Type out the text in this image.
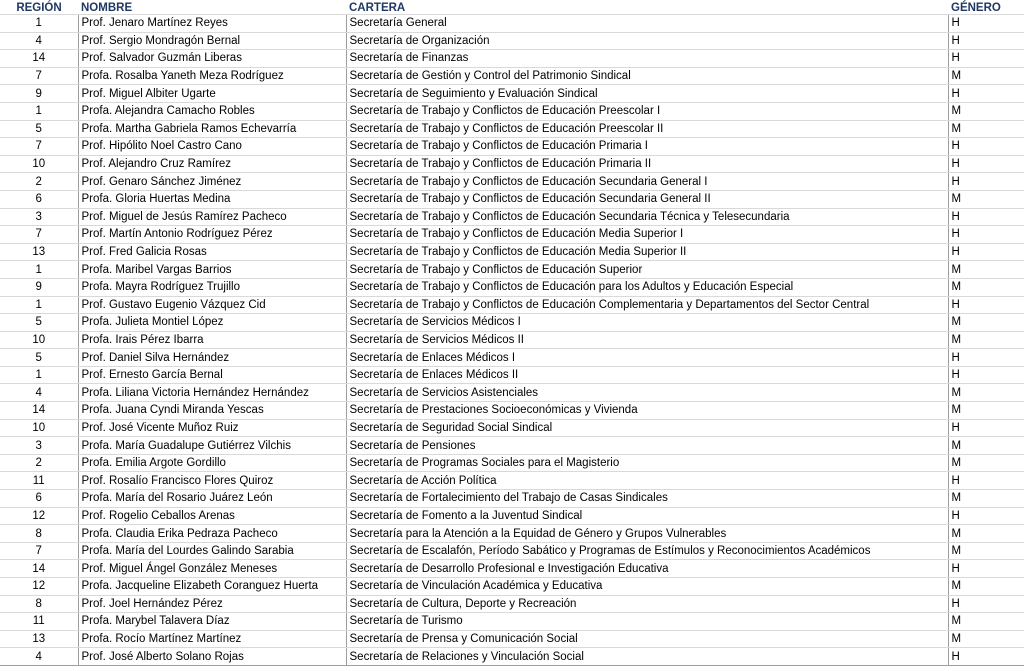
REGIÓN	NOMBRE	CARTERA	GÉNERO
1	Prof. Jenaro Martínez Reyes	Secretaría General	H
4	Prof. Sergio Mondragón Bernal	Secretaría de Organización	H
14	Prof. Salvador Guzmán Liberas	Secretaría de Finanzas	H
7	Profa. Rosalba Yaneth Meza Rodríguez	Secretaría de Gestión y Control del Patrimonio Sindical	M
9	Prof. Miguel Albiter Ugarte	Secretaría de Seguimiento y Evaluación Sindical	H
1	Profa. Alejandra Camacho Robles	Secretaría de Trabajo y Conflictos de Educación Preescolar I	M
5	Profa. Martha Gabriela Ramos Echevarría	Secretaría de Trabajo y Conflictos de Educación Preescolar II	M
7	Prof. Hipólito Noel Castro Cano	Secretaría de Trabajo y Conflictos de Educación Primaria I	H
10	Prof. Alejandro Cruz Ramírez	Secretaría de Trabajo y Conflictos de Educación Primaria II	H
2	Prof. Genaro Sánchez Jiménez	Secretaría de Trabajo y Conflictos de Educación Secundaria General I	H
6	Profa. Gloria Huertas Medina	Secretaría de Trabajo y Conflictos de Educación Secundaria General II	M
3	Prof. Miguel de Jesús Ramírez Pacheco	Secretaría de Trabajo y Conflictos de Educación Secundaria Técnica y Telesecundaria	H
7	Prof. Martín Antonio Rodríguez Pérez	Secretaría de Trabajo y Conflictos de Educación Media Superior I	H
13	Prof. Fred Galicia Rosas	Secretaría de Trabajo y Conflictos de Educación Media Superior II	H
1	Profa. Maribel Vargas Barrios	Secretaría de Trabajo y Conflictos de Educación Superior	M
9	Profa. Mayra Rodríguez Trujillo	Secretaría de Trabajo y Conflictos de Educación para los Adultos y Educación Especial	M
1	Prof. Gustavo Eugenio Vázquez Cid	Secretaría de Trabajo y Conflictos de Educación Complementaria y Departamentos del Sector Central	H
5	Profa. Julieta Montiel López	Secretaría de Servicios Médicos I	M
10	Profa. Irais Pérez Ibarra	Secretaría de Servicios Médicos II	M
5	Prof. Daniel Silva Hernández	Secretaría de Enlaces Médicos I	H
1	Prof. Ernesto García Bernal	Secretaría de Enlaces Médicos II	H
4	Profa. Liliana Victoria Hernández Hernández	Secretaría de Servicios Asistenciales	M
14	Profa. Juana Cyndi Miranda Yescas	Secretaría de Prestaciones Socioeconómicas y Vivienda	M
10	Prof. José Vicente Muñoz Ruiz	Secretaría de Seguridad Social Sindical	H
3	Profa. María Guadalupe Gutiérrez Vilchis	Secretaría de Pensiones	M
2	Profa. Emilia Argote Gordillo	Secretaría de Programas Sociales para el Magisterio	M
11	Prof. Rosalío Francisco Flores Quiroz	Secretaría de Acción Política	H
6	Profa. María del Rosario Juárez León	Secretaría de Fortalecimiento del Trabajo de Casas Sindicales	M
12	Prof. Rogelio Ceballos Arenas	Secretaría de Fomento a la Juventud Sindical	H
8	Profa. Claudia Erika Pedraza Pacheco	Secretaría para la Atención a la Equidad de Género y Grupos Vulnerables	M
7	Profa. María del Lourdes Galindo Sarabia	Secretaría de Escalafón, Período Sabático y Programas de Estímulos y Reconocimientos Académicos	M
14	Prof. Miguel Ángel González Meneses	Secretaría de Desarrollo Profesional e Investigación Educativa	H
12	Profa. Jacqueline Elizabeth Coranguez Huerta	Secretaría de Vinculación Académica y Educativa	M
8	Prof. Joel Hernández Pérez	Secretaría de Cultura, Deporte y Recreación	H
11	Profa. Marybel Talavera Díaz	Secretaría de Turismo	M
13	Profa. Rocío Martínez Martínez	Secretaría de Prensa y Comunicación Social	M
4	Prof. José Alberto Solano Rojas	Secretaría de Relaciones y Vinculación Social	H
